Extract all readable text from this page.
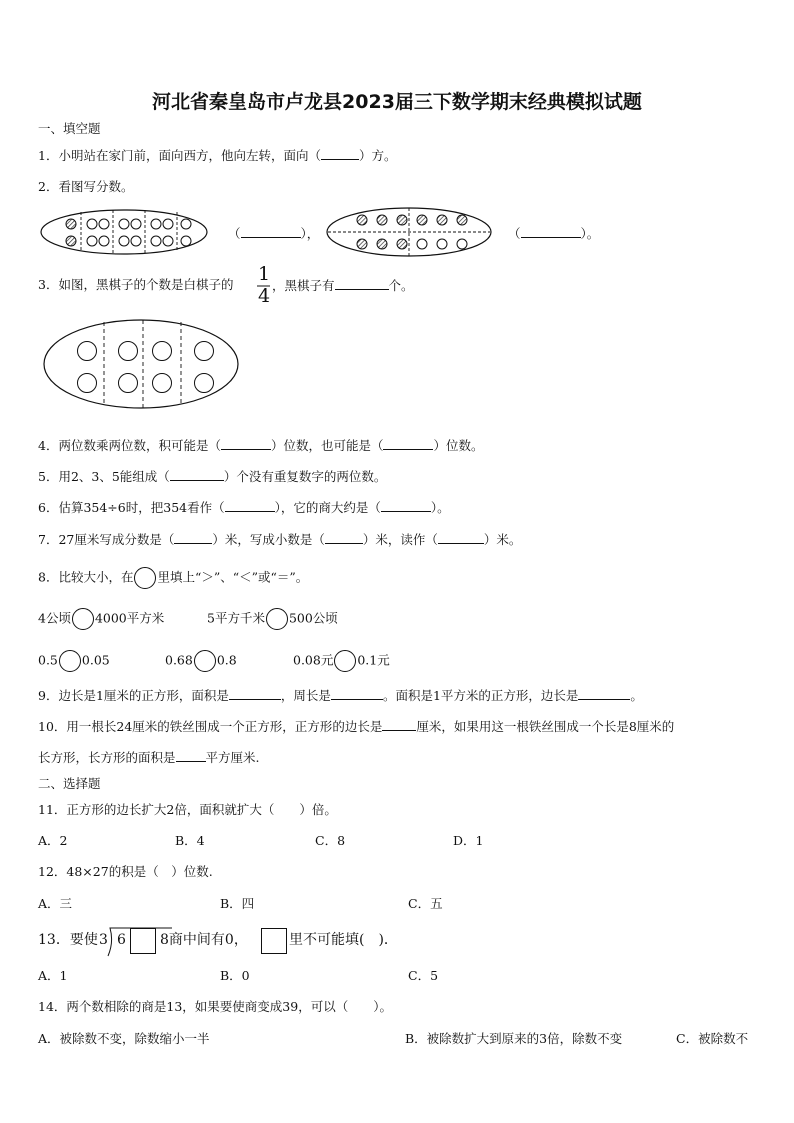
河北省秦皇岛市卢龙县2023届三下数学期末经典模拟试题
一、填空题
1．小明站在家门前，面向西方，他向左转，面向（	）方。
2．看图写分数。
（	），	（	）。
3．如图，黑棋子的个数是白棋子的 1
4 ，黑棋子有	个。
4．两位数乘两位数，积可能是（	）位数，也可能是（	）位数。
5．用2、3、5能组成（	）个没有重复数字的两位数。
6．估算354÷6时，把354看作（	），它的商大约是（	）。
7．27厘米写成分数是（	）米，写成小数是（	）米，读作（	）米。
8．比较大小，在 里填上“＞”、“＜”或“＝”。
4公顷 4000平方米	5平方千米 500公顷
0.5 0.05	0.68 0.8	0.08元 0.1元
9．边长是1厘米的正方形，面积是	，周长是	。面积是1平方米的正方形，边长是	。
10．用一根长24厘米的铁丝围成一个正方形，正方形的边长是	厘米，如果用这一根铁丝围成一个长是8厘米的
长方形，长方形的面积是 平方厘米.
二、选择题
11．正方形的边长扩大2倍，面积就扩大（　　）倍。
A．2	B．4	C．8	D．1
12．48×27的积是（　）位数.
A．三	B．四	C．五
13．要使 3 6 8商中间有0，	里不可能填(　)．
A．1	B．0	C．5
14．两个数相除的商是13，如果要使商变成39，可以（　　）。
A．被除数不变，除数缩小一半	B．被除数扩大到原来的3倍，除数不变	C．被除数不
